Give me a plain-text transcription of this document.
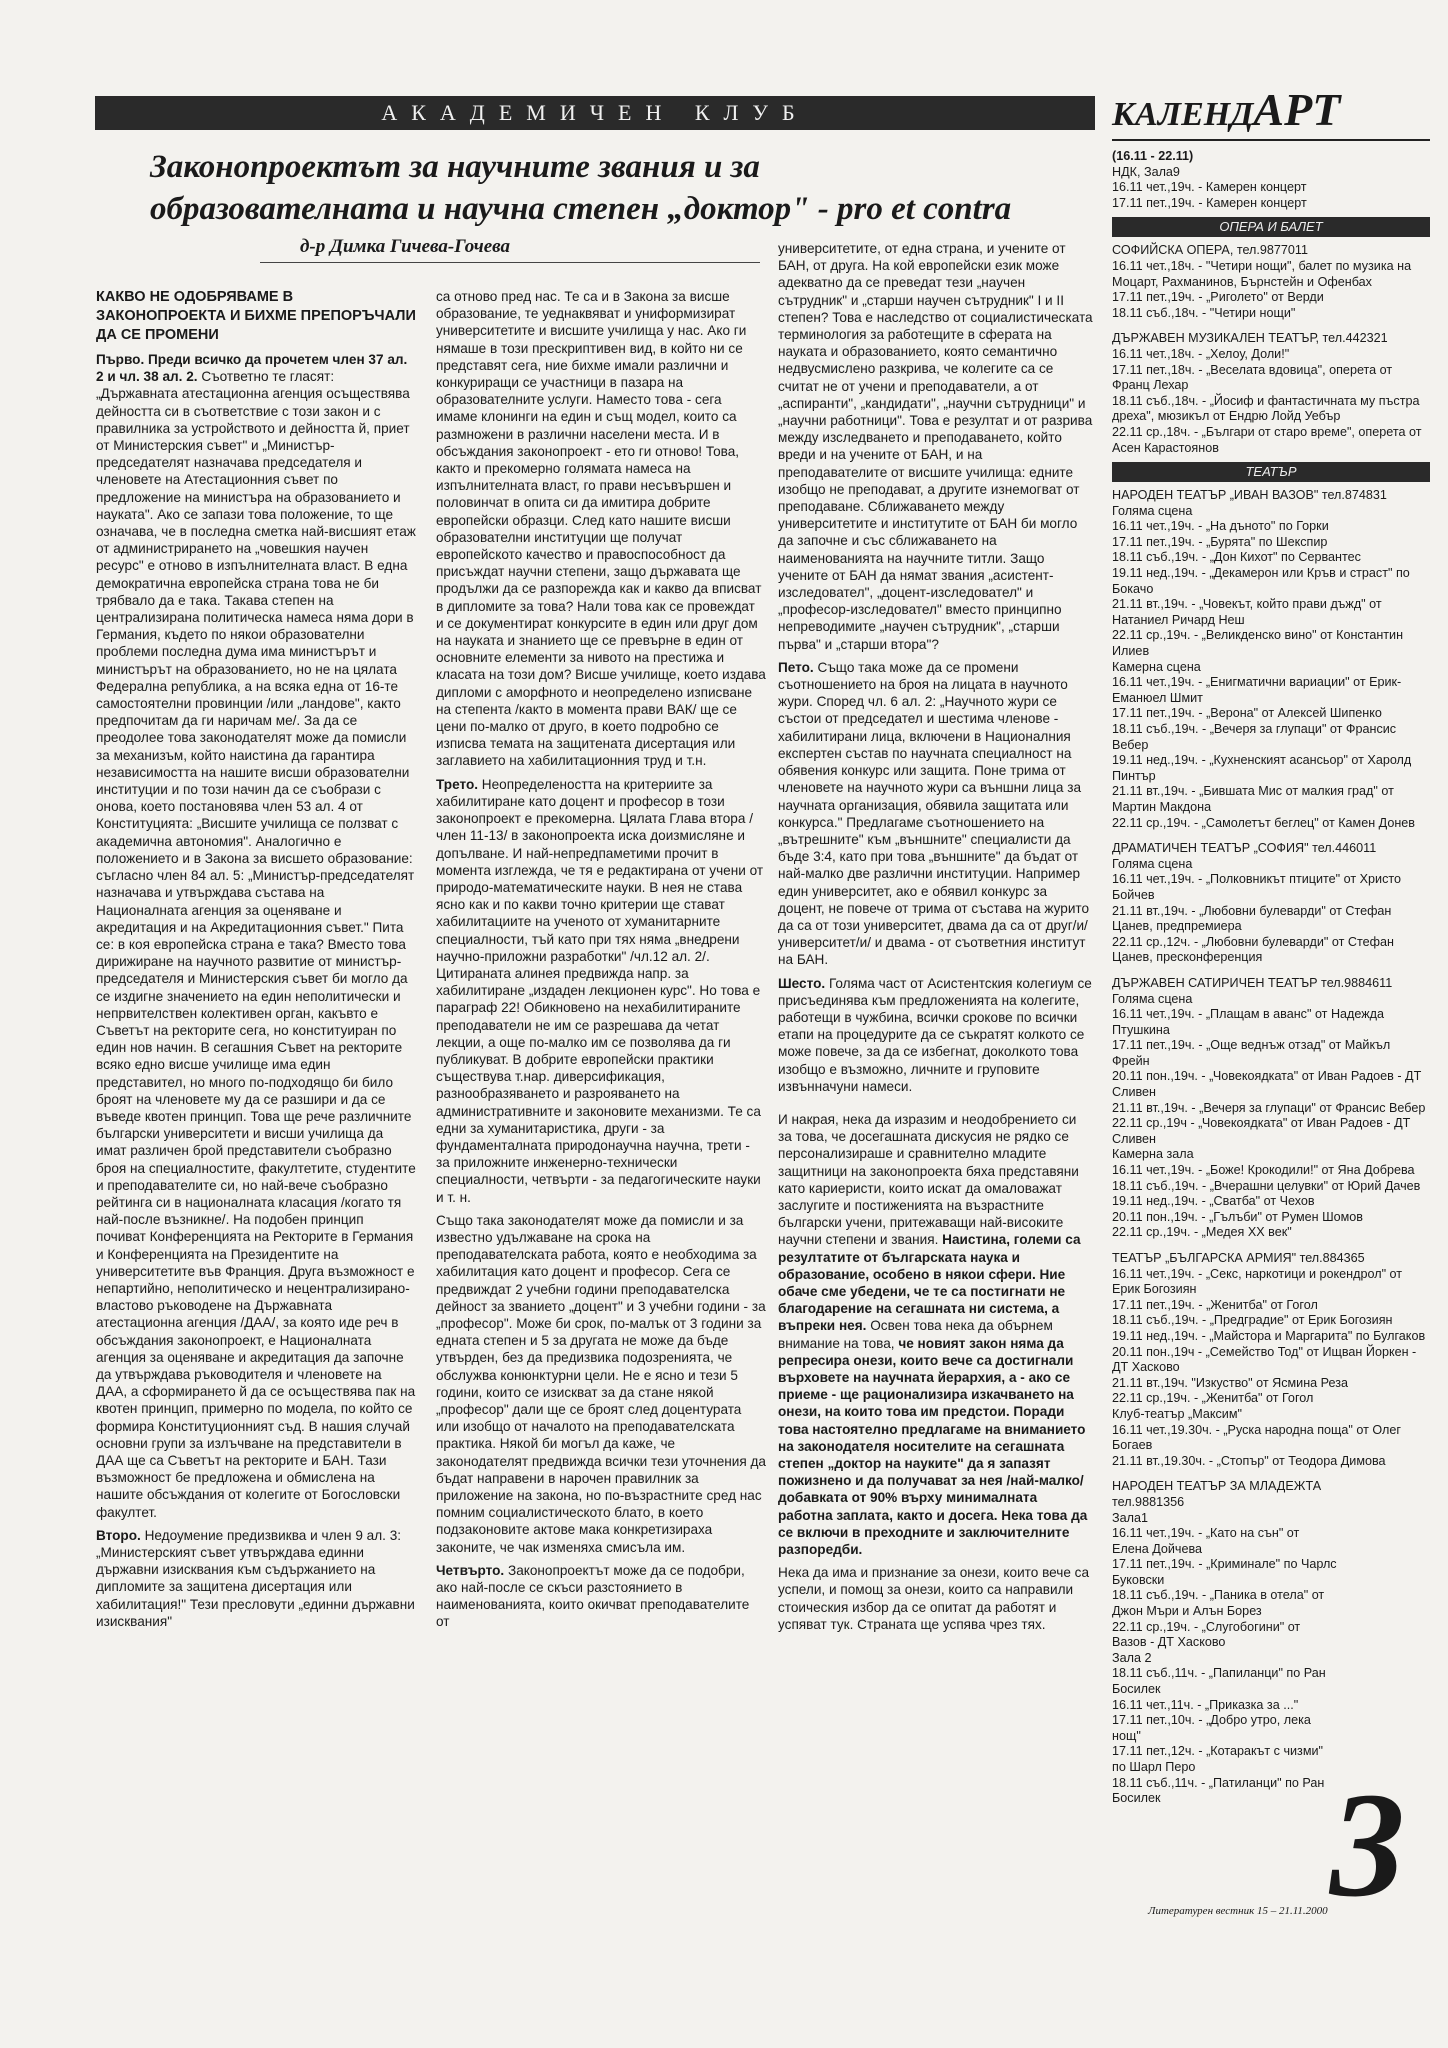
АКАДЕМИЧЕН КЛУБ
Законопроектът за научните звания и за
образователната и научна степен „доктор" - pro et contra
д-р Димка Гичева-Гочева

КАКВО НЕ ОДОБРЯВАМЕ В ЗАКОНОПРОЕКТА И БИХМЕ ПРЕПОРЪЧАЛИ ДА СЕ ПРОМЕНИ

Първо. Преди всичко да прочетем член 37 ал. 2 и чл. 38 ал. 2. Съответно те гласят: „Държавната атестационна агенция осъществява дейността си в съответствие с този закон и с правилника за устройството и дейността й, приет от Министерския съвет" и „Министър-председателят назначава председателя и членовете на Атестационния съвет по предложение на министъра на образованието и науката". Ако се запази това положение, то ще означава, че в последна сметка най-висшият етаж от администрирането на „човешкия научен ресурс" е отново в изпълнителната власт. В една демократична европейска страна това не би трябвало да е така. Такава степен на централизирана политическа намеса няма дори в Германия, където по някои образователни проблеми последна дума има министърът и министърът на образованието, но не на цялата Федерална република, а на всяка една от 16-те самостоятелни провинции /или „ландове", както предпочитам да ги наричам ме/. За да се преодолее това законодателят може да помисли за механизъм, който наистина да гарантира независимостта на нашите висши образователни институции и по този начин да се съобрази с онова, което постановява член 53 ал. 4 от Конституцията: „Висшите училища се ползват с академична автономия". Аналогично е положението и в Закона за висшето образование: съгласно член 84 ал. 5: „Министър-председателят назначава и утвърждава състава на Националната агенция за оценяване и акредитация и на Акредитационния съвет." Пита се: в коя европейска страна е така? Вместо това дирижиране на научното развитие от министър-председателя и Министерския съвет би могло да се издигне значението на един неполитически и непрвителствен колективен орган, какъвто е Съветът на ректорите сега, но конституиран по един нов начин. В сегашния Съвет на ректорите всяко едно висше училище има един представител, но много по-подходящо би било броят на членовете му да се разшири и да се въведе квотен принцип. Това ще рече различните български университети и висши училища да имат различен брой представители съобразно броя на специалностите, факултетите, студентите и преподавателите си, но най-вече съобразно рейтинга си в националната класация /когато тя най-после възникне/. На подобен принцип почиват Конференцията на Ректорите в Германия и Конференцията на Президентите на университетите във Франция. Друга възможност е непартийно, неполитическо и нецентрализирано-властово ръководене на Държавната атестационна агенция /ДАА/, за която иде реч в обсъждания законопроект, е Националната агенция за оценяване и акредитация да започне да утвърждава ръководителя и членовете на ДАА, а сформирането й да се осъществява пак на квотен принцип, примерно по модела, по който се формира Конституционният съд. В нашия случай основни групи за излъчване на представители в ДАА ще са Съветът на ректорите и БАН. Тази възможност бе предложена и обмислена на нашите обсъждания от колегите от Богословски факултет.

Второ. Недоумение предизвиква и член 9 ал. 3: „Министерският съвет утвърждава единни държавни изисквания към съдържанието на дипломите за защитена дисертация или хабилитация!" Тези пресловути „единни държавни изисквания"

са отново пред нас. Те са и в Закона за висше образование, те уеднаквяват и униформизират университетите и висшите училища у нас. Ако ги нямаше в този прескриптивен вид, в който ни се представят сега, ние бихме имали различни и конкуриращи се участници в пазара на образователните услуги. Наместо това - сега имаме клонинги на един и същ модел, които са размножени в различни населени места. И в обсъждания законопроект - ето ги отново! Това, както и прекомерно голямата намеса на изпълнителната власт, го прави несъвършен и половинчат в опита си да имитира добрите европейски образци. След като нашите висши образователни институции ще получат европейското качество и правоспособност да присъждат научни степени, защо държавата ще продължи да се разпорежда как и какво да вписват в дипломите за това? Нали това как се провеждат и се документират конкурсите в един или друг дом на науката и знанието ще се превърне в един от основните елементи за нивото на престижа и класата на този дом? Висше училище, което издава дипломи с аморфното и неопределено изписване на степента /както в момента прави ВАК/ ще се цени по-малко от друго, в което подробно се изписва темата на защитената дисертация или заглавието на хабилитационния труд и т.н.

Трето. Неопределеността на критериите за хабилитиране като доцент и професор в този законопроект е прекомерна. Цялата Глава втора /член 11-13/ в законопроекта иска доизмисляне и допълване. И най-непредпаметими прочит в момента изглежда, че тя е редактирана от учени от природо-математическите науки. В нея не става ясно как и по какви точно критерии ще стават хабилитациите на ученото от хуманитарните специалности, тъй като при тях няма „внедрени научно-приложни разработки" /чл.12 ал. 2/. Цитираната алинея предвижда напр. за хабилитиране „издаден лекционен курс". Но това е параграф 22! Обикновено на нехабилитираните преподаватели не им се разрешава да четат лекции, а още по-малко им се позволява да ги публикуват. В добрите европейски практики съществува т.нар. диверсификация, разнообразяването и разрояването на административните и законовите механизми. Те са едни за хуманитаристика, други - за фундаменталната природонаучна научна, трети - за приложните инженерно-технически специалности, четвърти - за педагогическите науки и т. н.

Също така законодателят може да помисли и за известно удължаване на срока на преподавателската работа, която е необходима за хабилитация като доцент и професор. Сега се предвиждат 2 учебни години преподавателска дейност за званието „доцент" и 3 учебни години - за „професор". Може би срок, по-малък от 3 години за едната степен и 5 за другата не може да бъде утвърден, без да предизвика подозренията, че обслужва конюнктурни цели. Не е ясно и тези 5 години, които се изискват за да стане някой „професор" дали ще се броят след доцентурата или изобщо от началото на преподавателската практика. Някой би могъл да каже, че законодателят предвижда всички тези уточнения да бъдат направени в нарочен правилник за приложение на закона, но по-възрастните сред нас помним социалистическото блато, в което подзаконовите актове мака конкретизираха законите, че чак изменяха смисъла им.

Четвърто. Законопроектът може да се подобри, ако най-после се скъси разстоянието в наименованията, които окичват преподавателите от

университетите, от една страна, и учените от БАН, от друга. На кой европейски език може адекватно да се преведат тези „научен сътрудник" и „старши научен сътрудник" I и II степен? Това е наследство от социалистическата терминология за работещите в сферата на науката и образованието, която семантично недвусмислено разкрива, че колегите са се считат не от учени и преподаватели, а от „аспиранти", „кандидати", „научни сътрудници" и „научни работници". Това е резултат и от разрива между изследването и преподаването, който вреди и на учените от БАН, и на преподавателите от висшите училища: едните изобщо не преподават, а другите изнемогват от преподаване. Сближаването между университетите и институтите от БАН би могло да започне и със сближаването на наименованията на научните титли. Защо учените от БАН да нямат звания „асистент-изследовател", „доцент-изследовател" и „професор-изследовател" вместо принципно непреводимите „научен сътрудник", „старши първа" и „старши втора"?

Пето. Също така може да се промени съотношението на броя на лицата в научното жури. Според чл. 6 ал. 2: „Научното жури се състои от председател и шестима членове - хабилитирани лица, включени в Националния експертен състав по научната специалност на обявения конкурс или защита. Поне трима от членовете на научното жури са външни лица за научната организация, обявила защитата или конкурса." Предлагаме съотношението на „вътрешните" към „външните" специалисти да бъде 3:4, като при това „външните" да бъдат от най-малко две различни институции. Например един университет, ако е обявил конкурс за доцент, не повече от трима от състава на журито да са от този университет, двама да са от друг/и/ университет/и/ и двама - от съответния институт на БАН.

Шесто. Голяма част от Асистентския колегиум се присъединява към предложенията на колегите, работещи в чужбина, всички срокове по всички етапи на процедурите да се съкратят колкото се може повече, за да се избегнат, доколкото това изобщо е възможно, личните и груповите извънначуни намеси.

И накрая, нека да изразим и неодобрението си за това, че досегашната дискусия не рядко се персонализираше и сравнително младите защитници на законопроекта бяха представяни като кариеристи, които искат да омаловажат заслугите и постиженията на възрастните български учени, притежаващи най-високите научни степени и звания. Наистина, големи са резултатите от българската наука и образование, особено в някои сфери. Ние обаче сме убедени, че те са постигнати не благодарение на сегашната ни система, а въпреки нея. Освен това нека да обърнем внимание на това, че новият закон няма да репресира онези, които вече са достигнали върховете на научната йерархия, а - ако се приеме - ще рационализира изкачването на онези, на които това им предстои. Поради това настоятелно предлагаме на вниманието на законодателя носителите на сегашната степен „доктор на науките" да я запазят пожизнено и да получават за нея /най-малко/ добавката от 90% върху минималната работна заплата, както и досега. Нека това да се включи в преходните и заключителните разпоредби.

Нека да има и признание за онези, които вече са успели, и помощ за онези, които са направили стоическия избор да се опитат да работят и успяват тук. Страната ще успява чрез тях.

КАЛЕНДАРТ
(16.11 - 22.11)
НДК, Зала9
16.11 чет.,19ч. - Камерен концерт
17.11 пет.,19ч. - Камерен концерт
ОПЕРА И БАЛЕТ
СОФИЙСКА ОПЕРА, тел.9877011
16.11 чет.,18ч. - "Четири нощи", балет по музика на Моцарт, Рахманинов, Бърнстейн и Офенбах
17.11 пет.,19ч. - „Риголето" от Верди
18.11 съб.,18ч. - "Четири нощи"
ДЪРЖАВЕН МУЗИКАЛЕН ТЕАТЪР, тел.442321
16.11 чет.,18ч. - „Хелоу, Доли!"
17.11 пет.,18ч. - „Веселата вдовица", оперета от Франц Лехар
18.11 съб.,18ч. - „Йосиф и фантастичната му пъстра дреха", мюзикъл от Ендрю Лойд Уебър
22.11 ср.,18ч. - „Българи от старо време", оперета от Асен Карастоянов
ТЕАТЪР
НАРОДЕН ТЕАТЪР „ИВАН ВАЗОВ" тел.874831
Голяма сцена
16.11 чет.,19ч. - „На дъното" по Горки
17.11 пет.,19ч. - „Бурята" по Шекспир
18.11 съб.,19ч. - „Дон Кихот" по Сервантес
19.11 нед.,19ч. - „Декамерон или Кръв и страст" по Бокачо
21.11 вт.,19ч. - „Човекът, който прави дъжд" от Натаниел Ричард Неш
22.11 ср.,19ч. - „Великденско вино" от Константин Илиев
Камерна сцена
16.11 чет.,19ч. - „Енигматични вариации" от Ерик-Еманюел Шмит
17.11 пет.,19ч. - „Верона" от Алексей Шипенко
18.11 съб.,19ч. - „Вечеря за глупаци" от Франсис Вебер
19.11 нед.,19ч. - „Кухненският асансьор" от Харолд Пинтър
21.11 вт.,19ч. - „Бившата Мис от малкия град" от Мартин Макдона
22.11 ср.,19ч. - „Самолетът беглец" от Камен Донев
ДРАМАТИЧЕН ТЕАТЪР „СОФИЯ" тел.446011
Голяма сцена
16.11 чет.,19ч. - „Полковникът птиците" от Христо Бойчев
21.11 вт.,19ч. - „Любовни булеварди" от Стефан Цанев, предпремиера
22.11 ср.,12ч. - „Любовни булеварди" от Стефан Цанев, пресконференция
ДЪРЖАВЕН САТИРИЧЕН ТЕАТЪР тел.9884611
Голяма сцена
16.11 чет.,19ч. - „Плащам в аванс" от Надежда Птушкина
17.11 пет.,19ч. - „Още веднъж отзад" от Майкъл Фрейн
20.11 пон.,19ч. - „Човекоядката" от Иван Радоев - ДТ Сливен
21.11 вт.,19ч. - „Вечеря за глупаци" от Франсис Вебер
22.11 ср.,19ч - „Човекоядката" от Иван Радоев - ДТ Сливен
Камерна зала
16.11 чет.,19ч. - „Боже! Крокодили!" от Яна Добрева
18.11 съб.,19ч. - „Вчерашни целувки" от Юрий Дачев
19.11 нед.,19ч. - „Сватба" от Чехов
20.11 пон.,19ч. - „Гълъби" от Румен Шомов
22.11 ср.,19ч. - „Медея ХХ век"
ТЕАТЪР „БЪЛГАРСКА АРМИЯ" тел.884365
16.11 чет.,19ч. - „Секс, наркотици и рокендрол" от Ерик Богозиян
17.11 пет.,19ч. - „Женитба" от Гогол
18.11 съб.,19ч. - „Предградие" от Ерик Богозиян
19.11 нед.,19ч. - „Майстора и Маргарита" по Булгаков
20.11 пон.,19ч - „Семейство Тод" от Ищван Йоркен - ДТ Хасково
21.11 вт.,19ч. "Изкуство" от Ясмина Реза
22.11 ср.,19ч. - „Женитба" от Гогол
Клуб-театър „Максим"
16.11 чет.,19.30ч. - „Руска народна поща" от Олег Богаев
21.11 вт.,19.30ч. - „Стопър" от Теодора Димова
НАРОДЕН ТЕАТЪР ЗА МЛАДЕЖТА тел.9881356
Зала1
16.11 чет.,19ч. - „Като на сън" от Елена Дойчева
17.11 пет.,19ч. - „Криминале" по Чарлс Буковски
18.11 съб.,19ч. - „Паника в отела" от Джон Мъри и Алън Борез
22.11 ср.,19ч. - „Слугобогини" от Вазов - ДТ Хасково
Зала 2
18.11 съб.,11ч. - „Папиланци" по Ран Босилек
16.11 чет.,11ч. - „Приказка за ..."
17.11 пет.,10ч. - „Добро утро, лека нощ"
17.11 пет.,12ч. - „Котаракът с чизми" по Шарл Перо
18.11 съб.,11ч. - „Патиланци" по Ран Босилек	3
Литературен вестник 15 – 21.11.2000
